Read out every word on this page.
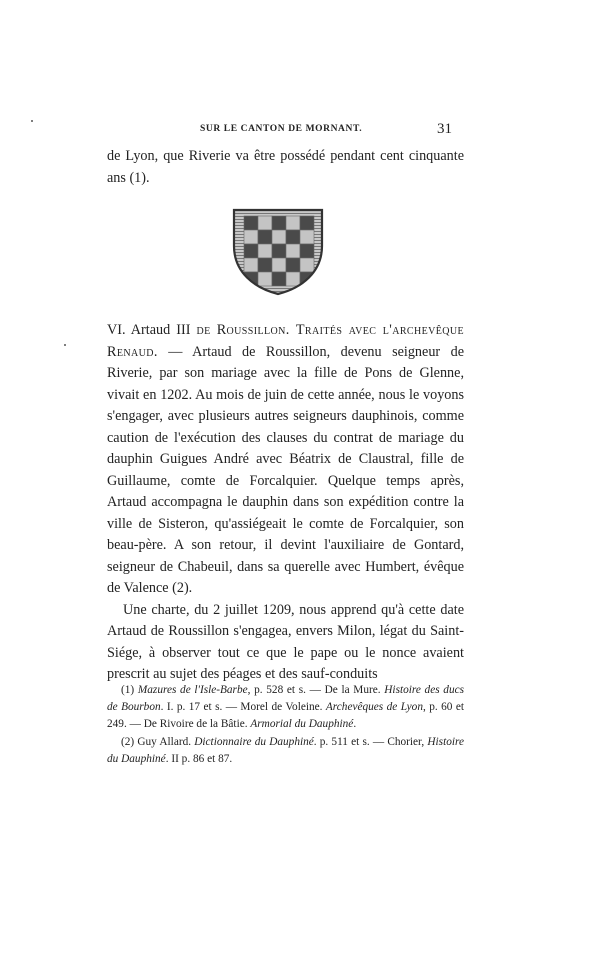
SUR LE CANTON DE MORNANT.	31

de Lyon, que Riverie va être possédé pendant cent cinquante ans (1).

VI. Artaud III de Roussillon. Traités avec l'archevêque Renaud. — Artaud de Roussillon, devenu seigneur de Riverie, par son mariage avec la fille de Pons de Glenne, vivait en 1202. Au mois de juin de cette année, nous le voyons s'engager, avec plusieurs autres seigneurs dauphinois, comme caution de l'exécution des clauses du contrat de mariage du dauphin Guigues André avec Béatrix de Claustral, fille de Guillaume, comte de Forcalquier. Quelque temps après, Artaud accompagna le dauphin dans son expédition contre la ville de Sisteron, qu'assiégeait le comte de Forcalquier, son beau-père. A son retour, il devint l'auxiliaire de Gontard, seigneur de Chabeuil, dans sa querelle avec Humbert, évêque de Valence (2).

Une charte, du 2 juillet 1209, nous apprend qu'à cette date Artaud de Roussillon s'engagea, envers Milon, légat du Saint-Siége, à observer tout ce que le pape ou le nonce avaient prescrit au sujet des péages et des sauf-conduits

(1) Mazures de l'Isle-Barbe, p. 528 et s. — De la Mure. Histoire des ducs de Bourbon. I. p. 17 et s. — Morel de Voleine. Archevêques de Lyon, p. 60 et 249. — De Rivoire de la Bâtie. Armorial du Dauphiné.

(2) Guy Allard. Dictionnaire du Dauphiné. p. 511 et s. — Chorier, Histoire du Dauphiné. II p. 86 et 87.
